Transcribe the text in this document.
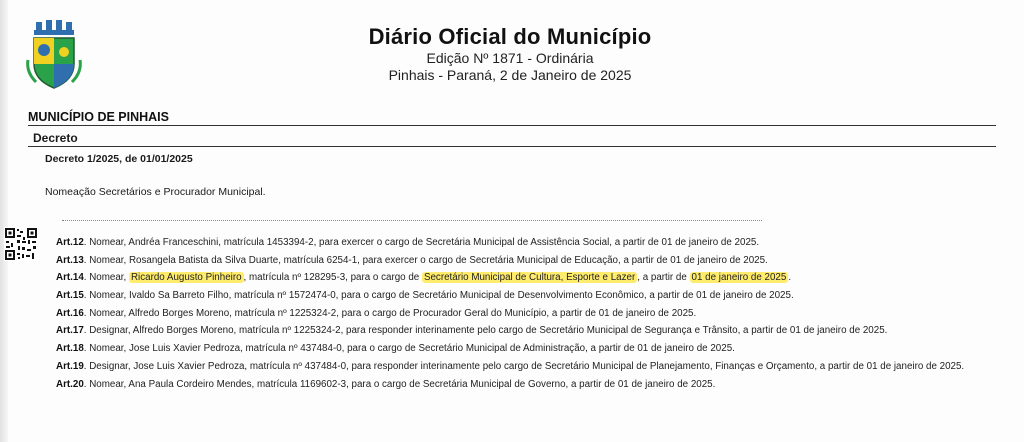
Diário Oficial do Município
Edição Nº 1871 - Ordinária
Pinhais - Paraná, 2 de Janeiro de 2025
MUNICÍPIO DE PINHAIS
Decreto
Decreto 1/2025, de 01/01/2025
Nomeação Secretários e Procurador Municipal.
Art.12. Nomear, Andréa Franceschini, matrícula 1453394-2, para exercer o cargo de Secretária Municipal de Assistência Social, a partir de 01 de janeiro de 2025.
Art.13. Nomear, Rosangela Batista da Silva Duarte, matrícula 6254-1, para exercer o cargo de Secretária Municipal de Educação, a partir de 01 de janeiro de 2025.
Art.14. Nomear, Ricardo Augusto Pinheiro , matrícula nº 128295-3, para o cargo de Secretário Municipal de Cultura, Esporte e Lazer , a partir de 01 de janeiro de 2025 .
Art.15. Nomear, Ivaldo Sa Barreto Filho, matrícula nº 1572474-0, para o cargo de Secretário Municipal de Desenvolvimento Econômico, a partir de 01 de janeiro de 2025.
Art.16. Nomear, Alfredo Borges Moreno, matrícula nº 1225324-2, para o cargo de Procurador Geral do Município, a partir de 01 de janeiro de 2025.
Art.17. Designar, Alfredo Borges Moreno, matrícula nº 1225324-2, para responder interinamente pelo cargo de Secretário Municipal de Segurança e Trânsito, a partir de 01 de janeiro de 2025.
Art.18. Nomear, Jose Luis Xavier Pedroza, matrícula nº 437484-0, para o cargo de Secretário Municipal de Administração, a partir de 01 de janeiro de 2025.
Art.19. Designar, Jose Luis Xavier Pedroza, matrícula nº 437484-0, para responder interinamente pelo cargo de Secretário Municipal de Planejamento, Finanças e Orçamento, a partir de 01 de janeiro de 2025.
Art.20. Nomear, Ana Paula Cordeiro Mendes, matrícula 1169602-3, para o cargo de Secretária Municipal de Governo, a partir de 01 de janeiro de 2025.
